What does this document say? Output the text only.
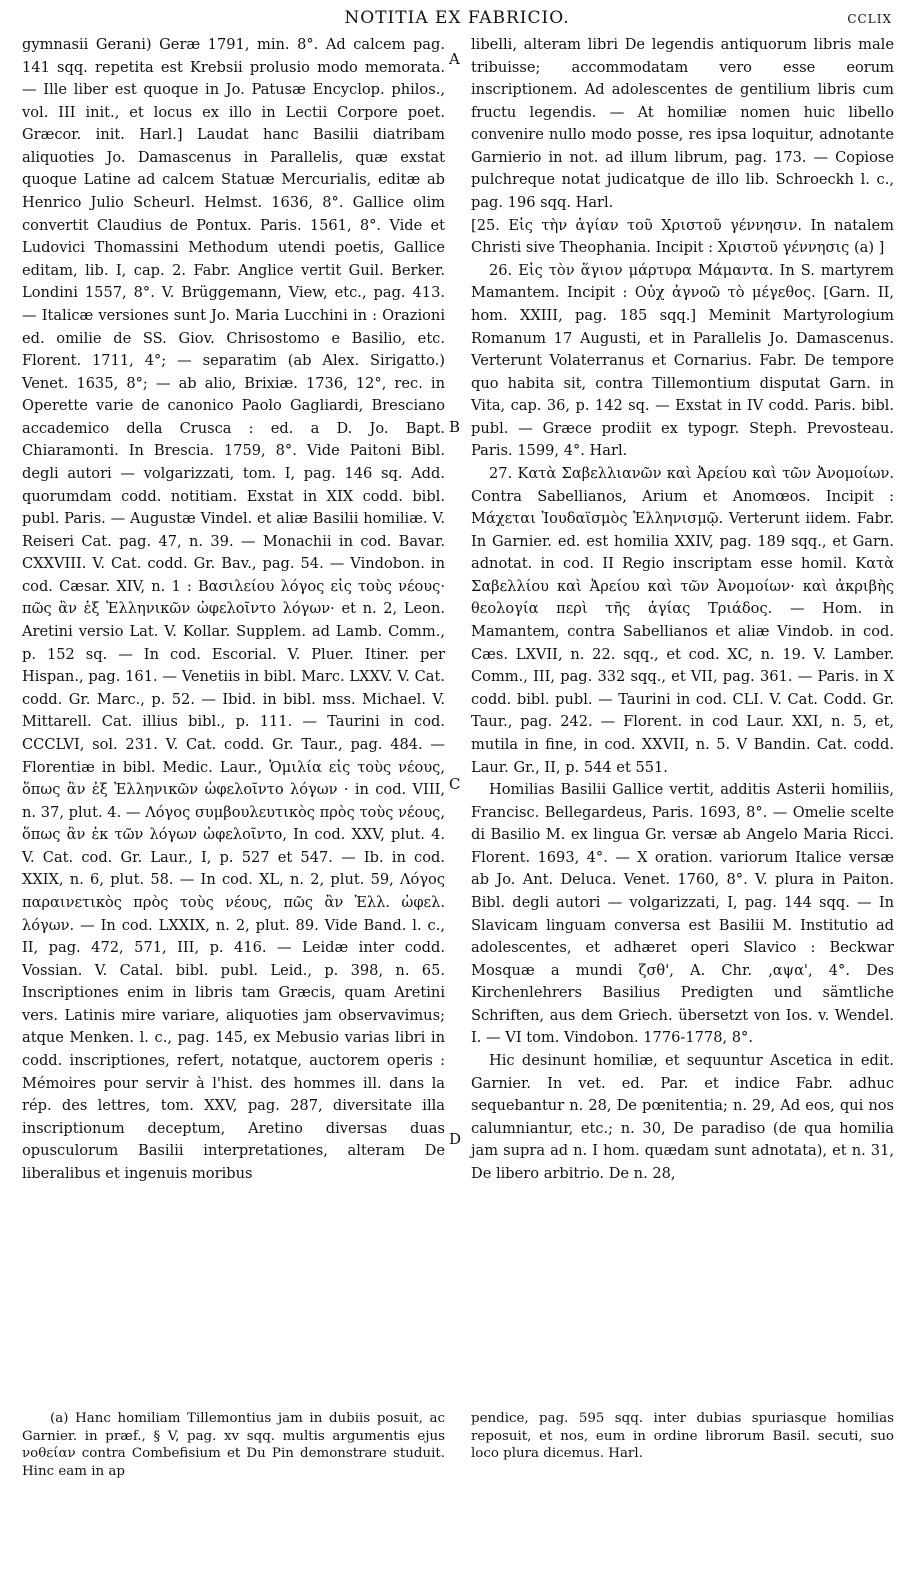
NOTITIA EX FABRICIO.	CCLIX

gymnasii Gerani) Geræ 1791, min. 8°. Ad calcem pag. 141 sqq. repetita est Krebsii prolusio modo memorata. — Ille liber est quoque in Jo. Patusæ Encyclop. philos., vol. III init., et locus ex illo in Lectii Corpore poet. Græcor. init. Harl.] Laudat hanc Basilii diatribam aliquoties Jo. Damascenus in Parallelis, quæ exstat quoque Latine ad calcem Statuæ Mercurialis, editæ ab Henrico Julio Scheurl. Helmst. 1636, 8°. Gallice olim convertit Claudius de Pontux. Paris. 1561, 8°. Vide et Ludovici Thomassini Methodum utendi poetis, Gallice editam, lib. I, cap. 2. Fabr. Anglice vertit Guil. Berker. Londini 1557, 8°. V. Brüggemann, View, etc., pag. 413. — Italicæ versiones sunt Jo. Maria Lucchini in : Orazioni ed. omilie de SS. Giov. Chrisostomo e Basilio, etc. Florent. 1711, 4°; — separatim (ab Alex. Sirigatto.) Venet. 1635, 8°; — ab alio, Brixiæ. 1736, 12°, rec. in Operette varie de canonico Paolo Gagliardi, Bresciano accademico della Crusca : ed. a D. Jo. Bapt. Chiaramonti. In Brescia. 1759, 8°. Vide Paitoni Bibl. degli autori — volgarizzati, tom. I, pag. 146 sq. Add. quorumdam codd. notitiam. Exstat in XIX codd. bibl. publ. Paris. — Augustæ Vindel. et aliæ Basilii homiliæ. V. Reiseri Cat. pag. 47, n. 39. — Monachii in cod. Bavar. CXXVIII. V. Cat. codd. Gr. Bav., pag. 54. — Vindobon. in cod. Cæsar. XIV, n. 1 : Βασιλείου λόγος εἰς τοὺς νέους· πῶς ἂν ἐξ Ἑλληνικῶν ὠφελοῖντο λόγων· et n. 2, Leon. Aretini versio Lat. V. Kollar. Supplem. ad Lamb. Comm., p. 152 sq. — In cod. Escorial. V. Pluer. Itiner. per Hispan., pag. 161. — Venetiis in bibl. Marc. LXXV. V. Cat. codd. Gr. Marc., p. 52. — Ibid. in bibl. mss. Michael. V. Mittarell. Cat. illius bibl., p. 111. — Taurini in cod. CCCLVI, sol. 231. V. Cat. codd. Gr. Taur., pag. 484. — Florentiæ in bibl. Medic. Laur., Ὁμιλία εἰς τοὺς νέους, ὅπως ἂν ἐξ Ἑλληνικῶν ὠφελοῖντο λόγων · in cod. VIII, n. 37, plut. 4. — Λόγος συμβουλευτικὸς πρὸς τοὺς νέους, ὅπως ἂν ἐκ τῶν λόγων ὠφελοῖντο, In cod. XXV, plut. 4. V. Cat. cod. Gr. Laur., I, p. 527 et 547. — Ib. in cod. XXIX, n. 6, plut. 58. — In cod. XL, n. 2, plut. 59, Λόγος παραινετικὸς πρὸς τοὺς νέους, πῶς ἂν Ἑλλ. ὠφελ. λόγων. — In cod. LXXIX, n. 2, plut. 89. Vide Band. l. c., II, pag. 472, 571, III, p. 416. — Leidæ inter codd. Vossian. V. Catal. bibl. publ. Leid., p. 398, n. 65. Inscriptiones enim in libris tam Græcis, quam Aretini vers. Latinis mire variare, aliquoties jam observavimus; atque Menken. l. c., pag. 145, ex Mebusio varias libri in codd. inscriptiones, refert, notatque, auctorem operis : Mémoires pour servir à l'hist. des hommes ill. dans la rép. des lettres, tom. XXV, pag. 287, diversitate illa inscriptionum deceptum, Aretino diversas duas opusculorum Basilii interpretationes, alteram De liberalibus et ingenuis moribus

A
B
C
D

libelli, alteram libri De legendis antiquorum libris male tribuisse; accommodatam vero esse eorum inscriptionem. Ad adolescentes de gentilium libris cum fructu legendis. — At homiliæ nomen huic libello convenire nullo modo posse, res ipsa loquitur, adnotante Garnierio in not. ad illum librum, pag. 173. — Copiose pulchreque notat judicatque de illo lib. Schroeckh l. c., pag. 196 sqq. Harl.

[25. Εἰς τὴν ἁγίαν τοῦ Χριστοῦ γέννησιν. In natalem Christi sive Theophania. Incipit : Χριστοῦ γέννησις (a) ]

26. Εἰς τὸν ἅγιον μάρτυρα Μάμαντα. In S. martyrem Mamantem. Incipit : Οὐχ ἀγνοῶ τὸ μέγεθος. [Garn. II, hom. XXIII, pag. 185 sqq.] Meminit Martyrologium Romanum 17 Augusti, et in Parallelis Jo. Damascenus. Verterunt Volaterranus et Cornarius. Fabr. De tempore quo habita sit, contra Tillemontium disputat Garn. in Vita, cap. 36, p. 142 sq. — Exstat in IV codd. Paris. bibl. publ. — Græce prodiit ex typogr. Steph. Prevosteau. Paris. 1599, 4°. Harl.

27. Κατὰ Σαβελλιανῶν καὶ Ἀρείου καὶ τῶν Ἀνομοίων. Contra Sabellianos, Arium et Anomœos. Incipit : Μάχεται Ἰουδαϊσμὸς Ἑλληνισμῷ. Verterunt iidem. Fabr. In Garnier. ed. est homilia XXIV, pag. 189 sqq., et Garn. adnotat. in cod. II Regio inscriptam esse homil. Κατὰ Σαβελλίου καὶ Ἀρείου καὶ τῶν Ἀνομοίων· καὶ ἀκριβὴς θεολογία περὶ τῆς ἁγίας Τριάδος. — Hom. in Mamantem, contra Sabellianos et aliæ Vindob. in cod. Cæs. LXVII, n. 22. sqq., et cod. XC, n. 19. V. Lamber. Comm., III, pag. 332 sqq., et VII, pag. 361. — Paris. in X codd. bibl. publ. — Taurini in cod. CLI. V. Cat. Codd. Gr. Taur., pag. 242. — Florent. in cod Laur. XXI, n. 5, et, mutila in fine, in cod. XXVII, n. 5. V Bandin. Cat. codd. Laur. Gr., II, p. 544 et 551.

Homilias Basilii Gallice vertit, additis Asterii homiliis, Francisc. Bellegardeus, Paris. 1693, 8°. — Omelie scelte di Basilio M. ex lingua Gr. versæ ab Angelo Maria Ricci. Florent. 1693, 4°. — X oration. variorum Italice versæ ab Jo. Ant. Deluca. Venet. 1760, 8°. V. plura in Paiton. Bibl. degli autori — volgarizzati, I, pag. 144 sqq. — In Slavicam linguam conversa est Basilii M. Institutio ad adolescentes, et adhæret operi Slavico : Beckwar Mosquæ a mundi ζσθ', A. Chr. ‚αψα', 4°. Des Kirchenlehrers Basilius Predigten und sämtliche Schriften, aus dem Griech. übersetzt von Ios. v. Wendel. I. — VI tom. Vindobon. 1776-1778, 8°.

Hic desinunt homiliæ, et sequuntur Ascetica in edit. Garnier. In vet. ed. Par. et indice Fabr. adhuc sequebantur n. 28, De pœnitentia; n. 29, Ad eos, qui nos calumniantur, etc.; n. 30, De paradiso (de qua homilia jam supra ad n. I hom. quædam sunt adnotata), et n. 31, De libero arbitrio. De n. 28,

(a) Hanc homiliam Tillemontius jam in dubiis posuit, ac Garnier. in præf., § V, pag. xv sqq. multis argumentis ejus νοθείαν contra Combefisium et Du Pin demonstrare studuit. Hinc eam in ap
pendice, pag. 595 sqq. inter dubias spuriasque homilias reposuit, et nos, eum in ordine librorum Basil. secuti, suo loco plura dicemus. Harl.
